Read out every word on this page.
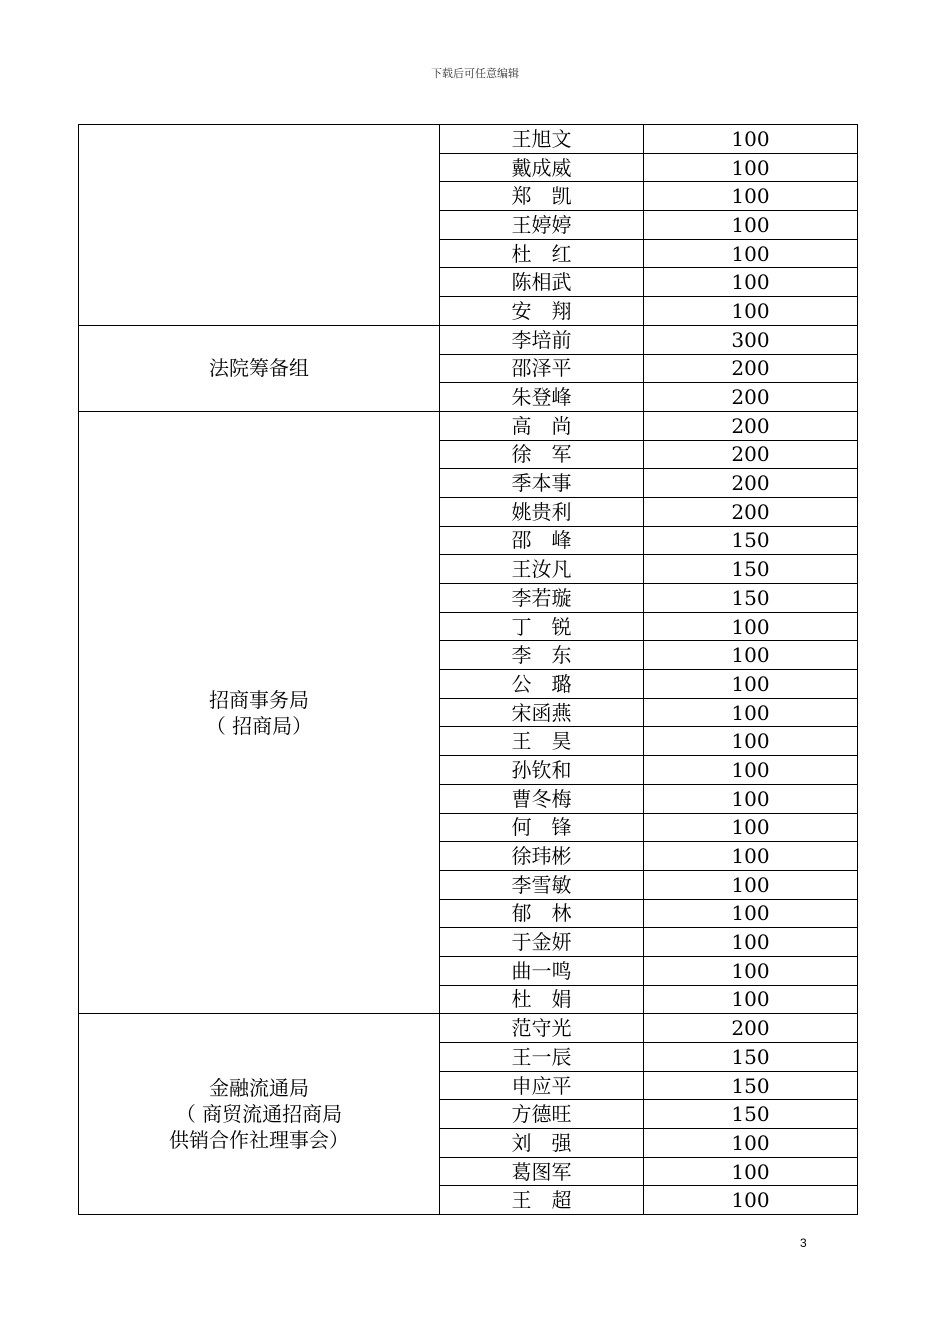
下载后可任意编辑
	王旭文	100
	戴成威	100
	郑　凯	100
	王婷婷	100
	杜　红	100
	陈相武	100
	安　翔	100
法院筹备组	李培前	300
	邵泽平	200
	朱登峰	200
招商事务局
（ 招商局）	高　尚	200
	徐　军	200
	季本事	200
	姚贵利	200
	邵　峰	150
	王汝凡	150
	李若璇	150
	丁　锐	100
	李　东	100
	公　璐	100
	宋函燕	100
	王　昊	100
	孙钦和	100
	曹冬梅	100
	何　锋	100
	徐玮彬	100
	李雪敏	100
	郁　林	100
	于金妍	100
	曲一鸣	100
	杜　娟	100
金融流通局
（ 商贸流通招商局
供销合作社理事会）	范守光	200
	王一辰	150
	申应平	150
	方德旺	150
	刘　强	100
	葛图军	100
	王　超	100
3
